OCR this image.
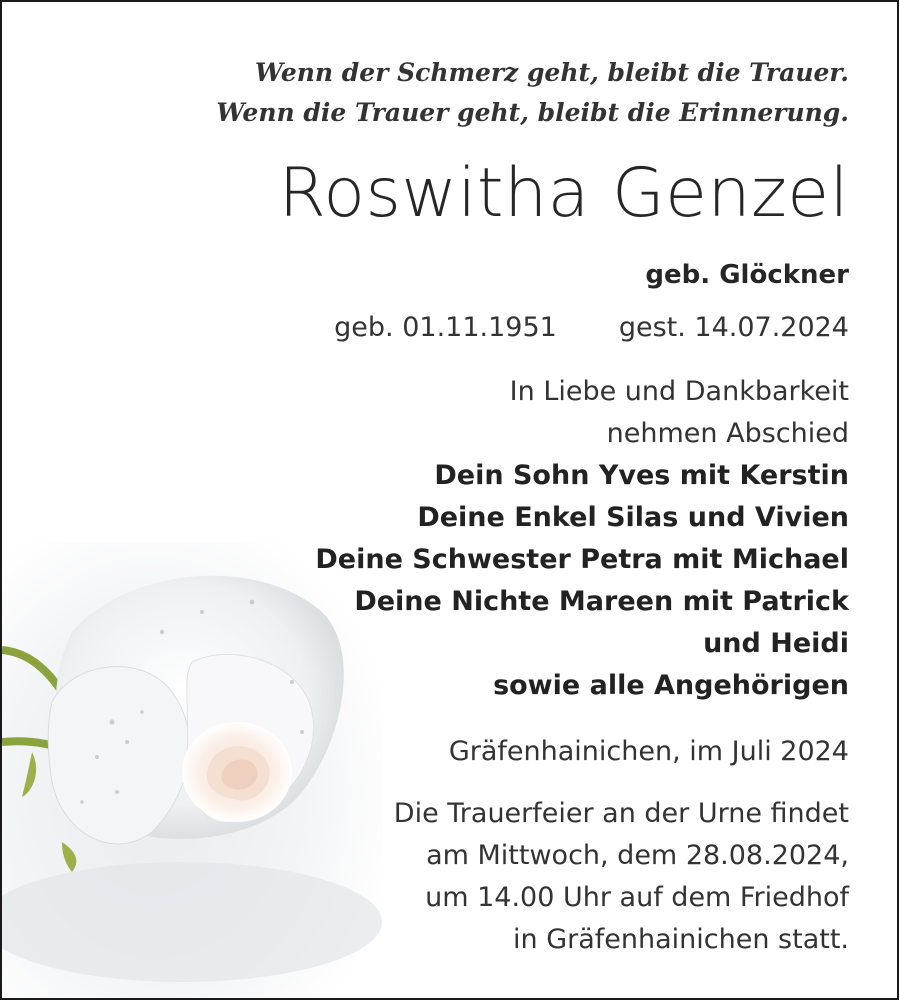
Wenn der Schmerz geht, bleibt die Trauer.
Wenn die Trauer geht, bleibt die Erinnerung.
Roswitha Genzel
geb. Glöckner
geb. 01.11.1951 gest. 14.07.2024
In Liebe und Dankbarkeit
nehmen Abschied
Dein Sohn Yves mit Kerstin
Deine Enkel Silas und Vivien
Deine Schwester Petra mit Michael
Deine Nichte Mareen mit Patrick
und Heidi
sowie alle Angehörigen
Gräfenhainichen, im Juli 2024
Die Trauerfeier an der Urne findet
am Mittwoch, dem 28.08.2024,
um 14.00 Uhr auf dem Friedhof
in Gräfenhainichen statt.
